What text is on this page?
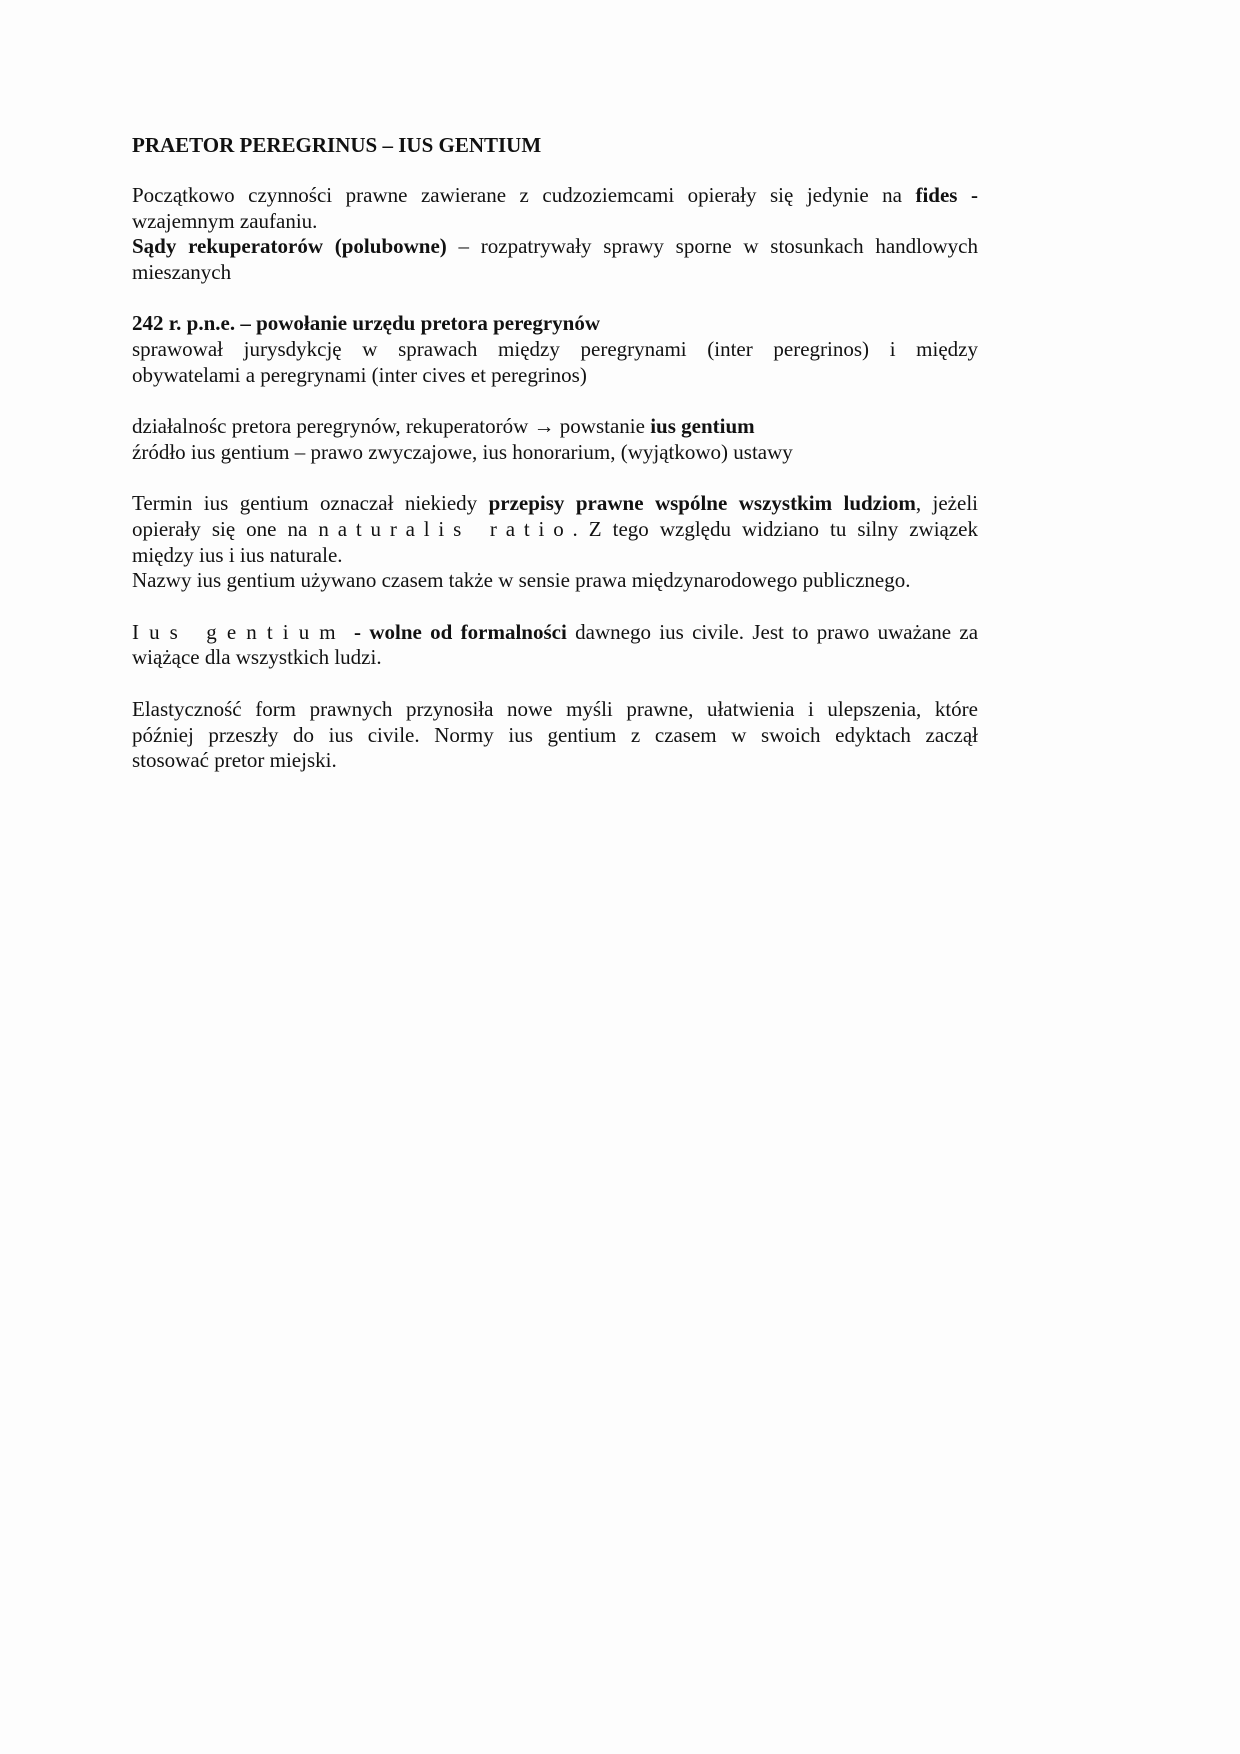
PRAETOR PEREGRINUS – IUS GENTIUM

Początkowo czynności prawne zawierane z cudzoziemcami opierały się jedynie na fides -

wzajemnym zaufaniu.

Sądy rekuperatorów (polubowne) – rozpatrywały sprawy sporne w stosunkach handlowych

mieszanych

242 r. p.n.e. – powołanie urzędu pretora peregrynów

sprawował jurysdykcję w sprawach między peregrynami (inter peregrinos) i między

obywatelami a peregrynami (inter cives et peregrinos)

działalnośc pretora peregrynów, rekuperatorów → powstanie ius gentium

źródło ius gentium – prawo zwyczajowe, ius honorarium, (wyjątkowo) ustawy

Termin ius gentium oznaczał niekiedy przepisy prawne wspólne wszystkim ludziom, jeżeli

opierały się one na naturalis ratio. Z tego względu widziano tu silny związek

między ius i ius naturale.

Nazwy ius gentium używano czasem także w sensie prawa międzynarodowego publicznego.

Ius gentium - wolne od formalności dawnego ius civile. Jest to prawo uważane za

wiążące dla wszystkich ludzi.

Elastyczność form prawnych przynosiła nowe myśli prawne, ułatwienia i ulepszenia, które

później przeszły do ius civile. Normy ius gentium z czasem w swoich edyktach zaczął

stosować pretor miejski.
